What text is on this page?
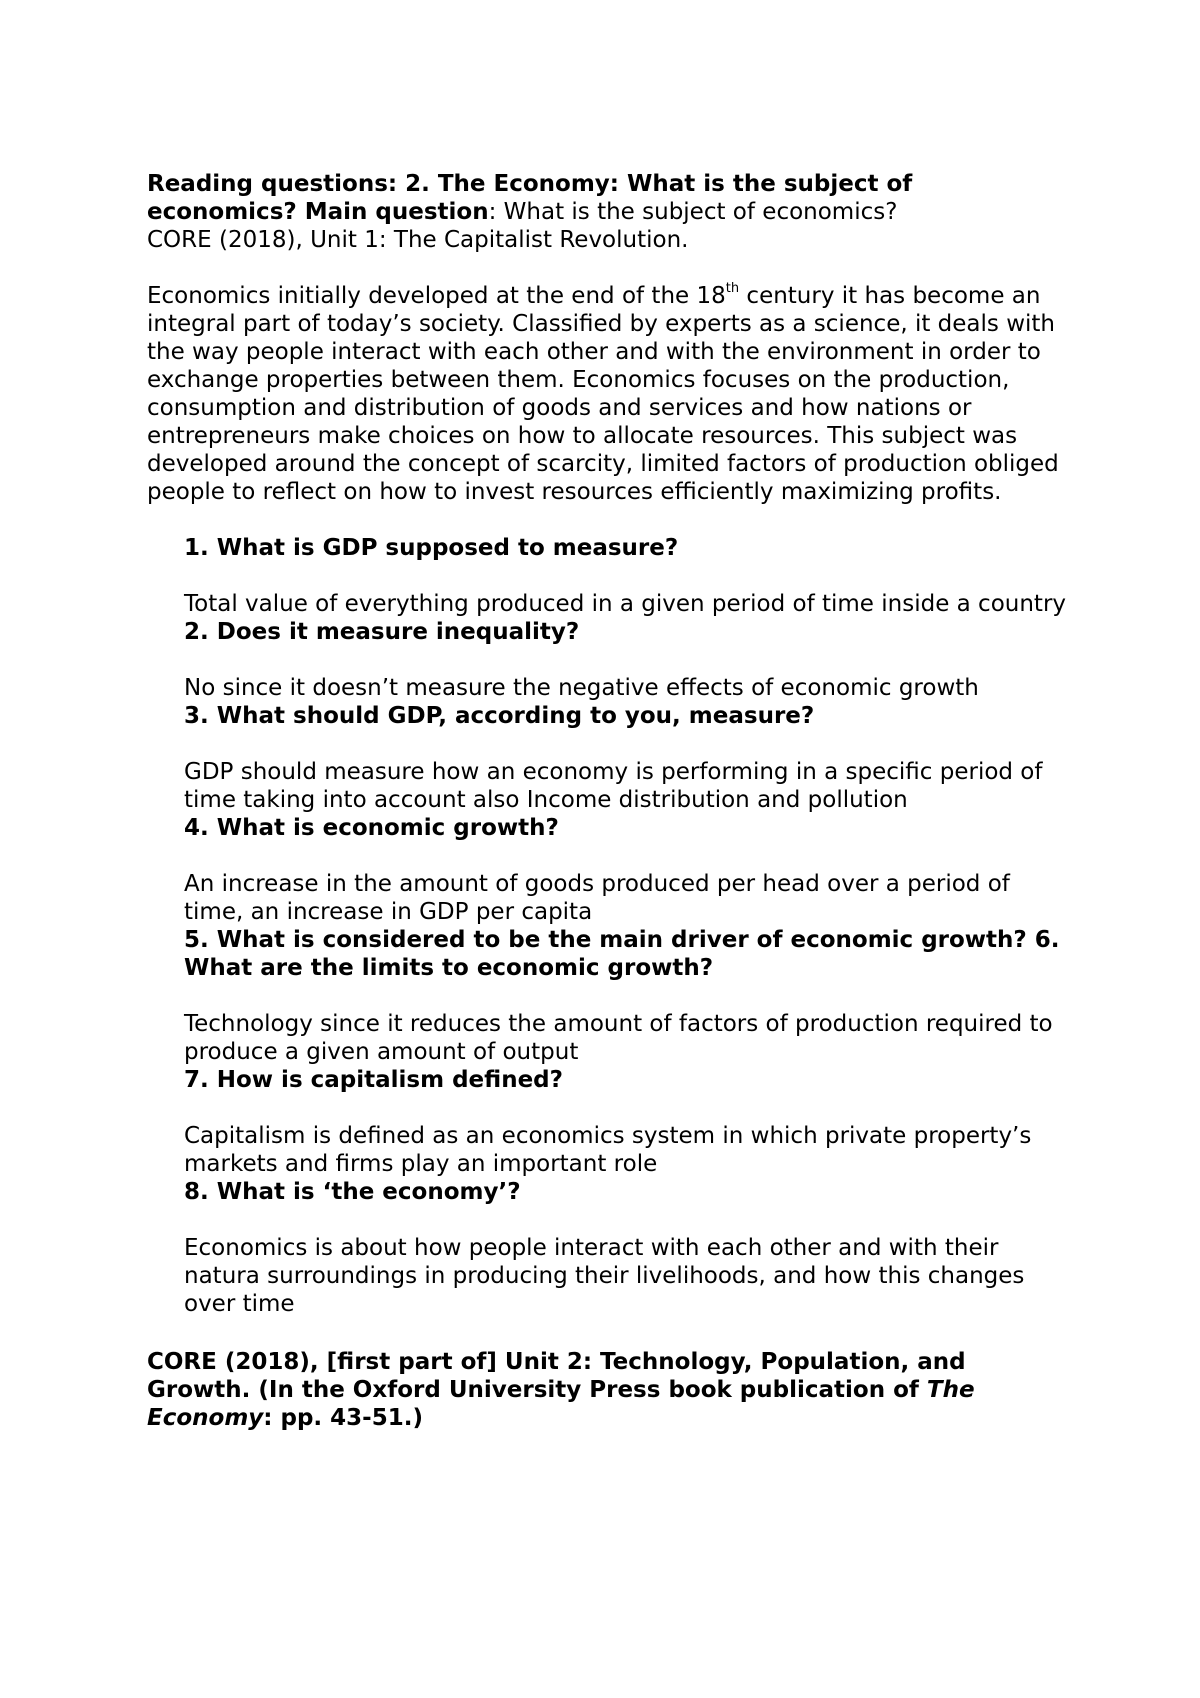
Reading questions: 2. The Economy: What is the subject of economics? Main question: What is the subject of economics?

CORE (2018), Unit 1: The Capitalist Revolution.

Economics initially developed at the end of the 18th century it has become an integral part of today’s society. Classified by experts as a science, it deals with the way people interact with each other and with the environment in order to exchange properties between them. Economics focuses on the production, consumption and distribution of goods and services and how nations or entrepreneurs make choices on how to allocate resources. This subject was developed around the concept of scarcity, limited factors of production obliged people to reflect on how to invest resources efficiently maximizing profits.

1. What is GDP supposed to measure?

Total value of everything produced in a given period of time inside a country

2. Does it measure inequality?

No since it doesn’t measure the negative effects of economic growth

3. What should GDP, according to you, measure?

GDP should measure how an economy is performing in a specific period of time taking into account also Income distribution and pollution

4. What is economic growth?

An increase in the amount of goods produced per head over a period of time, an increase in GDP per capita

5. What is considered to be the main driver of economic growth? 6. What are the limits to economic growth?

Technology since it reduces the amount of factors of production required to produce a given amount of output

7. How is capitalism defined?

Capitalism is defined as an economics system in which private property’s markets and firms play an important role

8. What is ‘the economy’?

Economics is about how people interact with each other and with their natura surroundings in producing their livelihoods, and how this changes over time

CORE (2018), [first part of] Unit 2: Technology, Population, and Growth. (In the Oxford University Press book publication of The Economy: pp. 43-51.)
